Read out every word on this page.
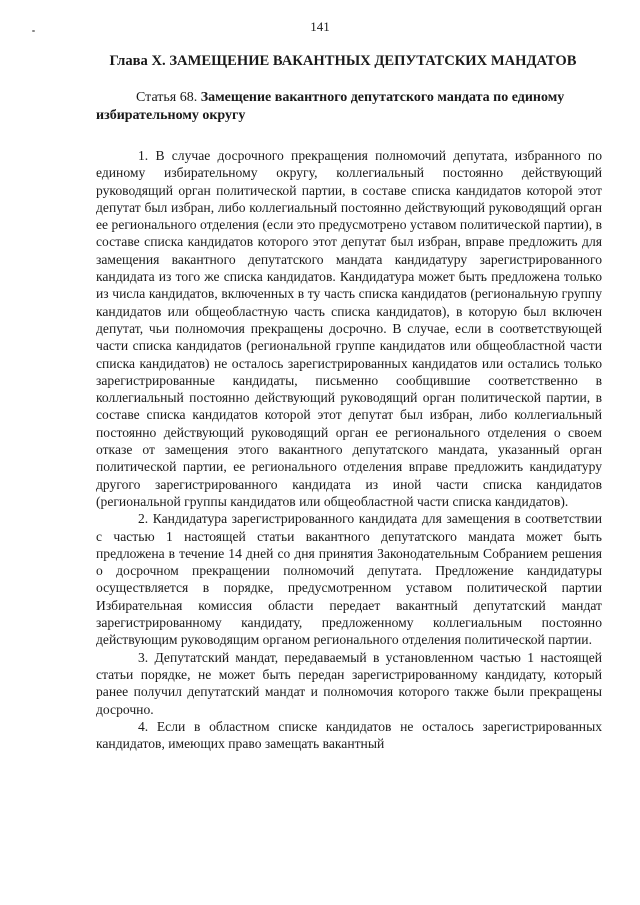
141
Глава X. ЗАМЕЩЕНИЕ ВАКАНТНЫХ ДЕПУТАТСКИХ МАНДАТОВ
Статья 68. Замещение вакантного депутатского мандата по единому избирательному округу

1. В случае досрочного прекращения полномочий депутата, избранного по единому избирательному округу, коллегиальный постоянно действующий руководящий орган политической партии, в составе списка кандидатов которой этот депутат был избран, либо коллегиальный постоянно действующий руководящий орган ее регионального отделения (если это предусмотрено уставом политической партии), в составе списка кандидатов которого этот депутат был избран, вправе предложить для замещения вакантного депутатского мандата кандидатуру зарегистрированного кандидата из того же списка кандидатов. Кандидатура может быть предложена только из числа кандидатов, включенных в ту часть списка кандидатов (региональную группу кандидатов или общеобластную часть списка кандидатов), в которую был включен депутат, чьи полномочия прекращены досрочно. В случае, если в соответствующей части списка кандидатов (региональной группе кандидатов или общеобластной части списка кандидатов) не осталось зарегистрированных кандидатов или остались только зарегистрированные кандидаты, письменно сообщившие соответственно в коллегиальный постоянно действующий руководящий орган политической партии, в составе списка кандидатов которой этот депутат был избран, либо коллегиальный постоянно действующий руководящий орган ее регионального отделения о своем отказе от замещения этого вакантного депутатского мандата, указанный орган политической партии, ее регионального отделения вправе предложить кандидатуру другого зарегистрированного кандидата из иной части списка кандидатов (региональной группы кандидатов или общеобластной части списка кандидатов).

2. Кандидатура зарегистрированного кандидата для замещения в соответствии с частью 1 настоящей статьи вакантного депутатского мандата может быть предложена в течение 14 дней со дня принятия Законодательным Собранием решения о досрочном прекращении полномочий депутата. Предложение кандидатуры осуществляется в порядке, предусмотренном уставом политической партии Избирательная комиссия области передает вакантный депутатский мандат зарегистрированному кандидату, предложенному коллегиальным постоянно действующим руководящим органом регионального отделения политической партии.

3. Депутатский мандат, передаваемый в установленном частью 1 настоящей статьи порядке, не может быть передан зарегистрированному кандидату, который ранее получил депутатский мандат и полномочия которого также были прекращены досрочно.

4. Если в областном списке кандидатов не осталось зарегистрированных кандидатов, имеющих право замещать вакантный
